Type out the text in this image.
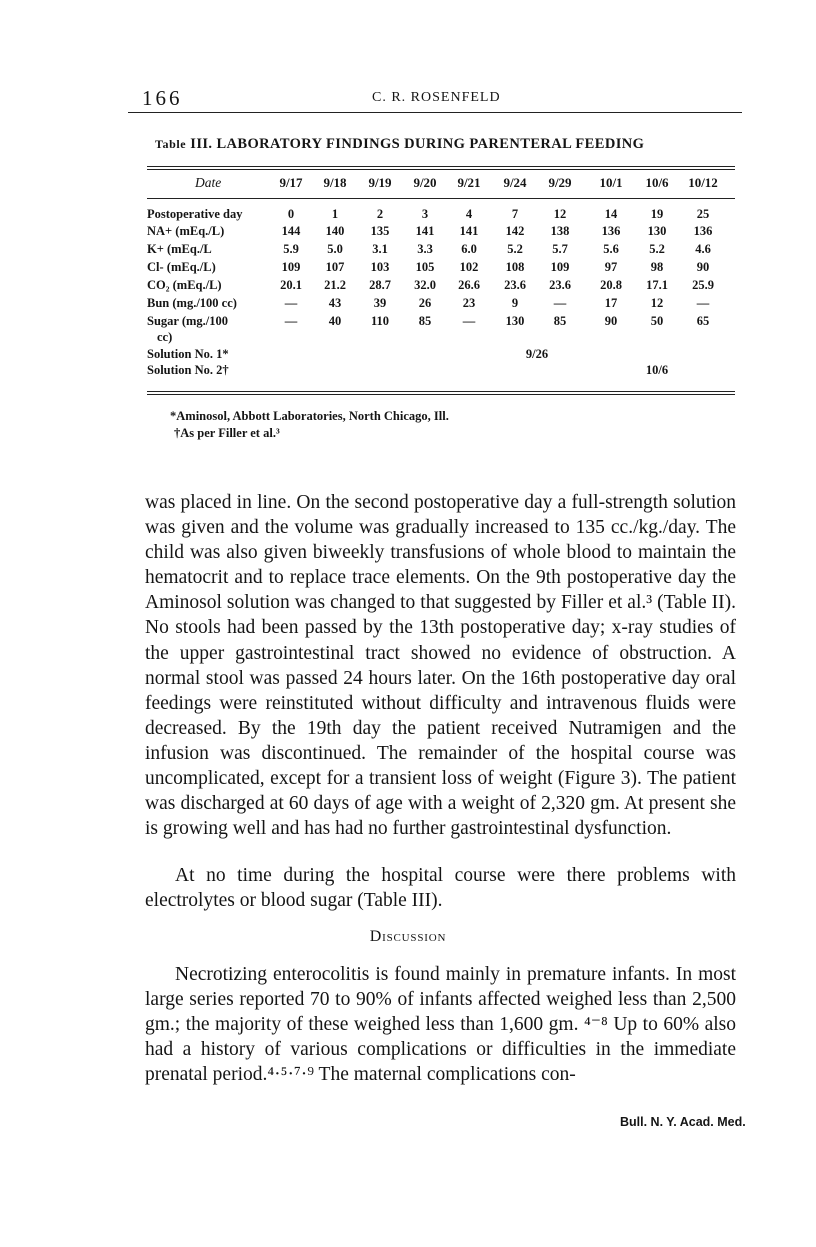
166	C. R. ROSENFELD
Table III. LABORATORY FINDINGS DURING PARENTERAL FEEDING
Date	9/17	9/18	9/19	9/20	9/21	9/24	9/29	10/1	10/6	10/12
Postoperative day	0	1	2	3	4	7	12	14	19	25
NA+ (mEq./L)	144	140	135	141	141	142	138	136	130	136
K+ (mEq./L	5.9	5.0	3.1	3.3	6.0	5.2	5.7	5.6	5.2	4.6
Cl- (mEq./L)	109	107	103	105	102	108	109	97	98	90
CO₂ (mEq./L)	20.1	21.2	28.7	32.0	26.6	23.6	23.6	20.8	17.1	25.9
Bun (mg./100 cc)	—	43	39	26	23	9	—	17	12	—
Sugar (mg./100
cc)
—	40	110	85	—	130	85	90	50	65
Solution No. 1*	9/26
Solution No. 2†	10/6
*Aminosol, Abbott Laboratories, North Chicago, Ill.
†As per Filler et al.³

was placed in line. On the second postoperative day a full-strength solution was given and the volume was gradually increased to 135 cc./kg./day. The child was also given biweekly transfusions of whole blood to maintain the hematocrit and to replace trace elements. On the 9th postoperative day the Aminosol solution was changed to that suggested by Filler et al.³ (Table II). No stools had been passed by the 13th postoperative day; x-ray studies of the upper gastrointestinal tract showed no evidence of obstruction. A normal stool was passed 24 hours later. On the 16th postoperative day oral feedings were reinstituted without difficulty and intravenous fluids were decreased. By the 19th day the patient received Nutramigen and the infusion was discontinued. The remainder of the hospital course was uncomplicated, except for a transient loss of weight (Figure 3). The patient was discharged at 60 days of age with a weight of 2,320 gm. At present she is growing well and has had no further gastrointestinal dysfunction.

At no time during the hospital course were there problems with electrolytes or blood sugar (Table III).

Discussion

Necrotizing enterocolitis is found mainly in premature infants. In most large series reported 70 to 90% of infants affected weighed less than 2,500 gm.; the majority of these weighed less than 1,600 gm. ⁴⁻⁸ Up to 60% also had a history of various complications or difficulties in the immediate prenatal period.⁴·⁵·⁷·⁹ The maternal complications con-

Bull. N. Y. Acad. Med.
